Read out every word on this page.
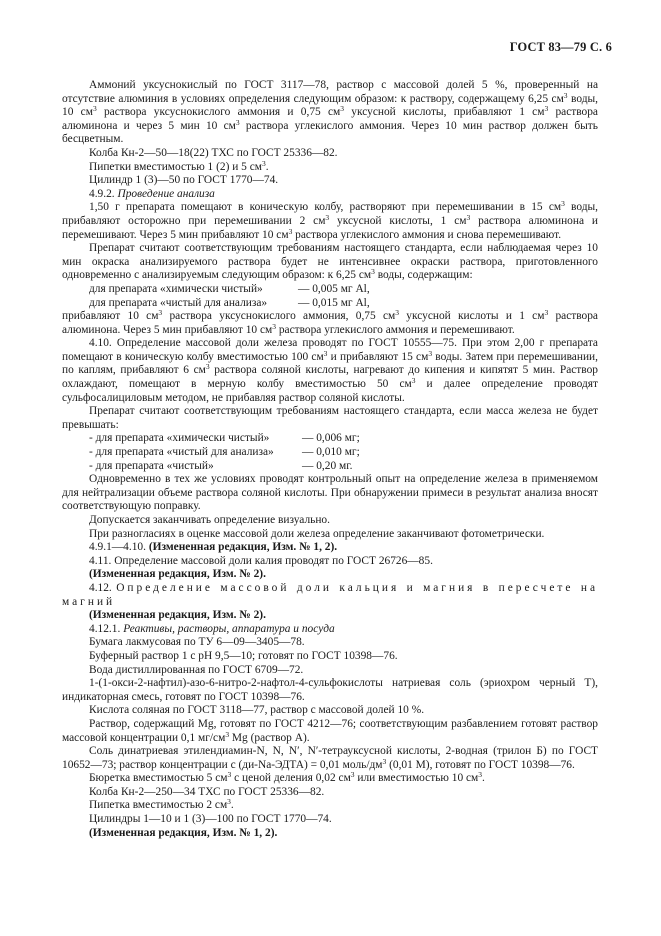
ГОСТ 83—79 С. 6

Аммоний уксуснокислый по ГОСТ 3117—78, раствор с массовой долей 5 %, проверенный на отсутствие алюминия в условиях определения следующим образом: к раствору, содержащему 6,25 $см^3$ воды, 10 $см^3$ раствора уксуснокислого аммония и 0,75 $см^3$ уксусной кислоты, прибавляют 1 $см^3$ раствора алюминона и через 5 мин 10 $см^3$ раствора углекислого аммония. Через 10 мин раствор должен быть бесцветным.

Колба Кн-2—50—18(22) ТХС по ГОСТ 25336—82.

Пипетки вместимостью 1 (2) и 5 $см^3$.

Цилиндр 1 (3)—50 по ГОСТ 1770—74.

4.9.2. Проведение анализа

1,50 г препарата помещают в коническую колбу, растворяют при перемешивании в 15 $см^3$ воды, прибавляют осторожно при перемешивании 2 $см^3$ уксусной кислоты, 1 $см^3$ раствора алюминона и перемешивают. Через 5 мин прибавляют 10 $см^3$ раствора углекислого аммония и снова перемешивают.

Препарат считают соответствующим требованиям настоящего стандарта, если наблюдаемая через 10 мин окраска анализируемого раствора будет не интенсивнее окраски раствора, приготовленного одновременно с анализируемым следующим образом: к 6,25 $см^3$ воды, содержащим:

для препарата «химически чистый»	— 0,005 мг Al,
для препарата «чистый для анализа»	— 0,015 мг Al,

прибавляют 10 $см^3$ раствора уксуснокислого аммония, 0,75 $см^3$ уксусной кислоты и 1 $см^3$ раствора алюминона. Через 5 мин прибавляют 10 $см^3$ раствора углекислого аммония и перемешивают.

4.10. Определение массовой доли железа проводят по ГОСТ 10555—75. При этом 2,00 г препарата помещают в коническую колбу вместимостью 100 $см^3$ и прибавляют 15 $см^3$ воды. Затем при перемешивании, по каплям, прибавляют 6 $см^3$ раствора соляной кислоты, нагревают до кипения и кипятят 5 мин. Раствор охлаждают, помещают в мерную колбу вместимостью 50 $см^3$ и далее определение проводят сульфосалициловым методом, не прибавляя раствор соляной кислоты.

Препарат считают соответствующим требованиям настоящего стандарта, если масса железа не будет превышать:

- для препарата «химически чистый»	— 0,006 мг;
- для препарата «чистый для анализа»	— 0,010 мг;
- для препарата «чистый»	— 0,20 мг.

Одновременно в тех же условиях проводят контрольный опыт на определение железа в применяемом для нейтрализации объеме раствора соляной кислоты. При обнаружении примеси в результат анализа вносят соответствующую поправку.

Допускается заканчивать определение визуально.

При разногласиях в оценке массовой доли железа определение заканчивают фотометрически.

4.9.1—4.10. (Измененная редакция, Изм. № 1, 2).

4.11. Определение массовой доли калия проводят по ГОСТ 26726—85.

(Измененная редакция, Изм. № 2).

4.12. Определение массовой доли кальция и магния в пересчете на магний

(Измененная редакция, Изм. № 2).

4.12.1. Реактивы, растворы, аппаратура и посуда

Бумага лакмусовая по ТУ 6—09—3405—78.

Буферный раствор 1 с pH 9,5—10; готовят по ГОСТ 10398—76.

Вода дистиллированная по ГОСТ 6709—72.

1-(1-окси-2-нафтил)-азо-6-нитро-2-нафтол-4-сульфокислоты натриевая соль (эриохром черный Т), индикаторная смесь, готовят по ГОСТ 10398—76.

Кислота соляная по ГОСТ 3118—77, раствор с массовой долей 10 %.

Раствор, содержащий Mg, готовят по ГОСТ 4212—76; соответствующим разбавлением готовят раствор массовой концентрации 0,1 $мг/см^3$ Mg (раствор А).

Соль динатриевая этилендиамин-N, N, N′, N′-тетрауксусной кислоты, 2-водная (трилон Б) по ГОСТ 10652—73; раствор концентрации c (ди-Na-ЭДТА) = 0,01 моль/$дм^3$ (0,01 М), готовят по ГОСТ 10398—76.

Бюретка вместимостью 5 $см^3$ с ценой деления 0,02 $см^3$ или вместимостью 10 $см^3$.

Колба Кн-2—250—34 ТХС по ГОСТ 25336—82.

Пипетка вместимостью 2 $см^3$.

Цилиндры 1—10 и 1 (3)—100 по ГОСТ 1770—74.

(Измененная редакция, Изм. № 1, 2).
